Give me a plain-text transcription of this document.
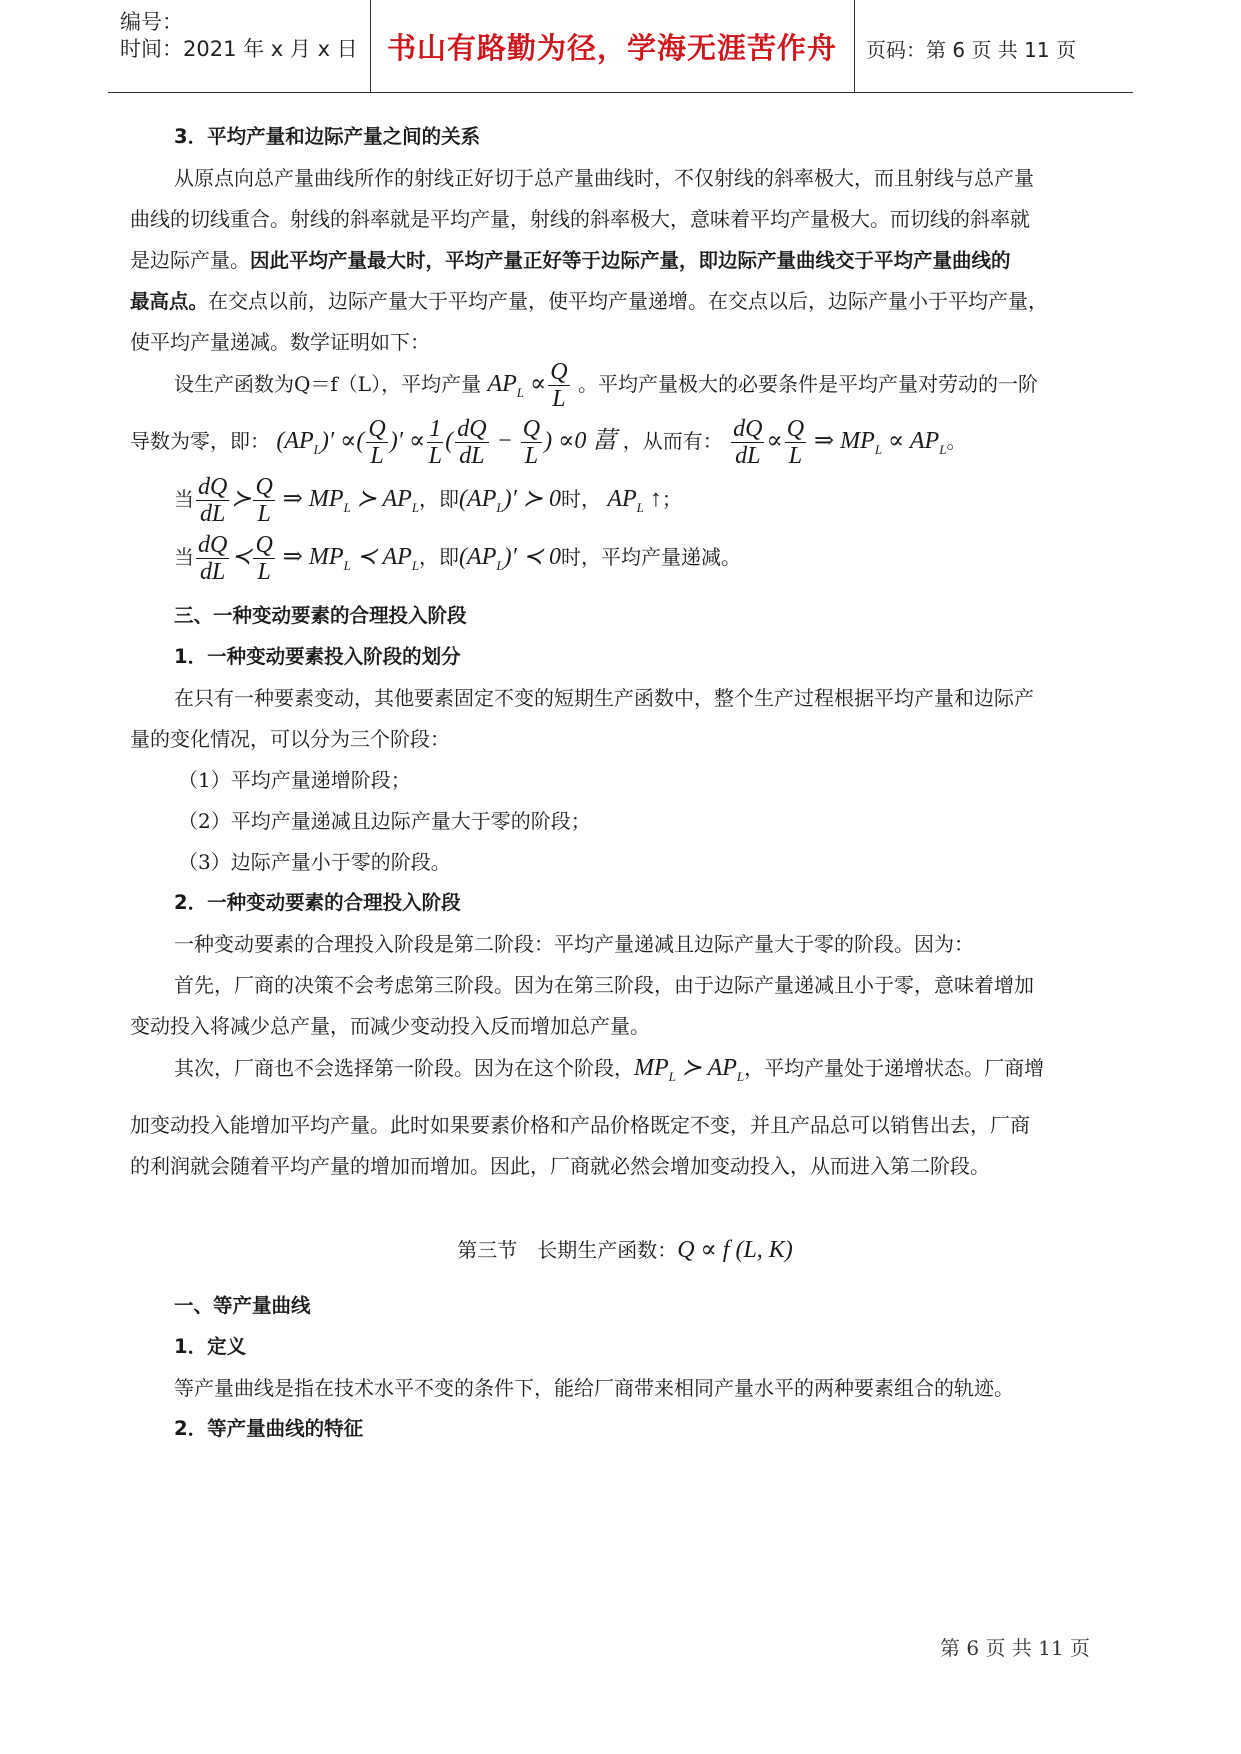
编号：
时间：2021 年 x 月 x 日	书山有路勤为径，学海无涯苦作舟	页码：第 6 页 共 11 页
3．平均产量和边际产量之间的关系
从原点向总产量曲线所作的射线正好切于总产量曲线时，不仅射线的斜率极大，而且射线与总产量
曲线的切线重合。射线的斜率就是平均产量，射线的斜率极大，意味着平均产量极大。而切线的斜率就
是边际产量。因此平均产量最大时，平均产量正好等于边际产量，即边际产量曲线交于平均产量曲线的
最高点。在交点以前，边际产量大于平均产量，使平均产量递增。在交点以后，边际产量小于平均产量，
使平均产量递减。数学证明如下：
设生产函数为Q＝f（L），平均产量 $AP_L \propto \frac{Q}{L}$ 。平均产量极大的必要条件是平均产量对劳动的一阶
导数为零，即： $(AP_L)'$ ∝( $\frac{Q}{L}$ )′ ∝ $\frac{1}{L}$ ( $\frac{dQ}{dL} - \frac{Q}{L}$ ) ∝0 葍 ，从而有： $\frac{dQ}{dL} \propto \frac{Q}{L}$ ⇒ $MP_L \propto AP_L$。
当 $\frac{dQ}{dL}$ ≻ $\frac{Q}{L}$ ⇒ $MP_L$ ≻ $AP_L$，即$(AP_L)'$ ≻ 0时， $AP_L$ ↑；
当 $\frac{dQ}{dL}$ ≺ $\frac{Q}{L}$ ⇒ $MP_L$ ≺ $AP_L$，即$(AP_L)'$ ≺ 0时，平均产量递减。
三、一种变动要素的合理投入阶段
1．一种变动要素投入阶段的划分
在只有一种要素变动，其他要素固定不变的短期生产函数中，整个生产过程根据平均产量和边际产
量的变化情况，可以分为三个阶段：
（1）平均产量递增阶段；
（2）平均产量递减且边际产量大于零的阶段；
（3）边际产量小于零的阶段。
2．一种变动要素的合理投入阶段
一种变动要素的合理投入阶段是第二阶段：平均产量递减且边际产量大于零的阶段。因为：
首先，厂商的决策不会考虑第三阶段。因为在第三阶段，由于边际产量递减且小于零，意味着增加
变动投入将减少总产量，而减少变动投入反而增加总产量。
其次，厂商也不会选择第一阶段。因为在这个阶段，$MP_L$ ≻ $AP_L$，平均产量处于递增状态。厂商增
加变动投入能增加平均产量。此时如果要素价格和产品价格既定不变，并且产品总可以销售出去，厂商
的利润就会随着平均产量的增加而增加。因此，厂商就必然会增加变动投入，从而进入第二阶段。
第三节　长期生产函数：Q ∝ f (L, K)
一、等产量曲线
1．定义
等产量曲线是指在技术水平不变的条件下，能给厂商带来相同产量水平的两种要素组合的轨迹。
2．等产量曲线的特征
第 6 页 共 11 页
